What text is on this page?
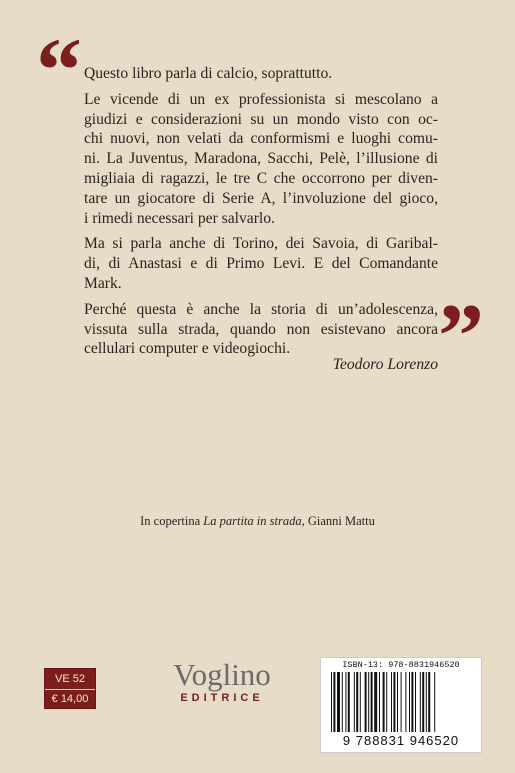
“ Questo libro parla di calcio, soprattutto.

Le vicende di un ex professionista si mescolano a
giudizi e considerazioni su un mondo visto con oc-
chi nuovi, non velati da conformismi e luoghi comu-
ni. La Juventus, Maradona, Sacchi, Pelè, l’illusione di
migliaia di ragazzi, le tre C che occorrono per diven-
tare un giocatore di Serie A, l’involuzione del gioco,
i rimedi necessari per salvarlo.

Ma si parla anche di Torino, dei Savoia, di Garibal-
di, di Anastasi e di Primo Levi. E del Comandante
Mark.

Perché questa è anche la storia di un’adolescenza,
vissuta sulla strada, quando non esistevano ancora
cellulari computer e videogiochi.	”
Teodoro Lorenzo
In copertina La partita in strada, Gianni Mattu
VE 52
€ 14,00
Voglino
EDITRICE
ISBN-13: 978-8831946520
9 788831 946520
